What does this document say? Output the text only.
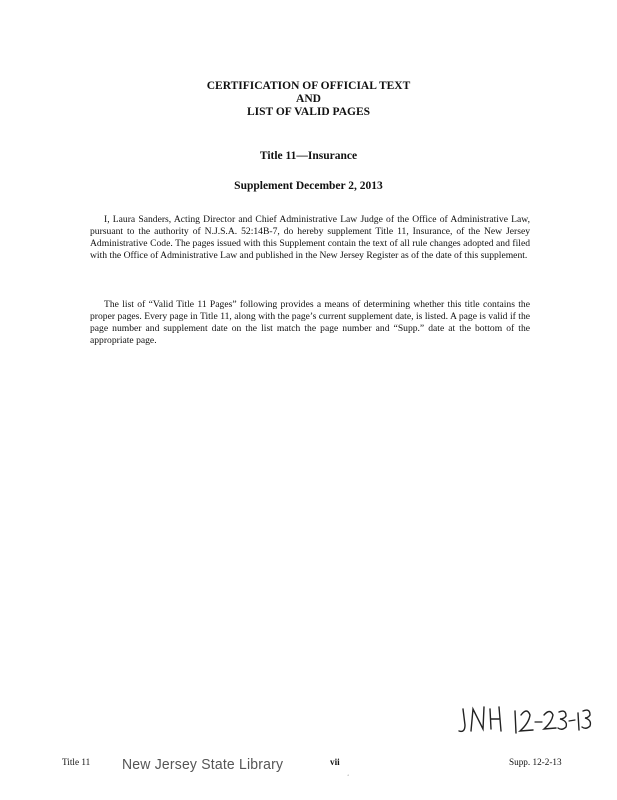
CERTIFICATION OF OFFICIAL TEXT
AND
LIST OF VALID PAGES
Title 11—Insurance
Supplement December 2, 2013

I, Laura Sanders, Acting Director and Chief Administrative Law Judge of the Office of Administrative Law, pursuant to the authority of N.J.S.A. 52:14B-7, do hereby supplement Title 11, Insurance, of the New Jersey Administrative Code. The pages issued with this Supplement contain the text of all rule changes adopted and filed with the Office of Administrative Law and published in the New Jersey Register as of the date of this supplement.

The list of “Valid Title 11 Pages” following provides a means of determining whether this title contains the proper pages. Every page in Title 11, along with the page’s current supplement date, is listed. A page is valid if the page number and supplement date on the list match the page number and “Supp.” date at the bottom of the appropriate page.

Title 11 New Jersey State Library	vii	Supp. 12-2-13
‘
